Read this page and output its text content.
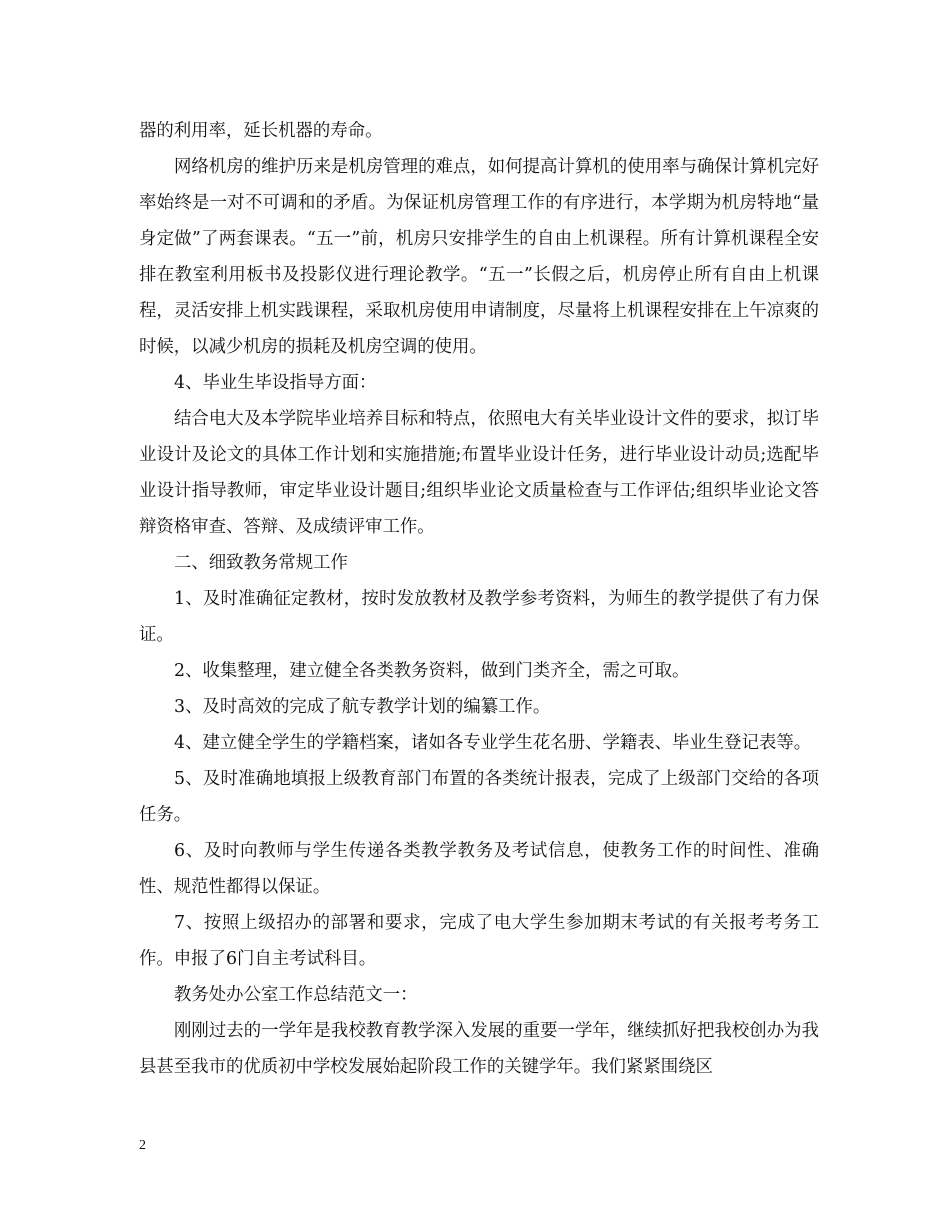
器的利用率，延长机器的寿命。

网络机房的维护历来是机房管理的难点，如何提高计算机的使用率与确保计算机完好率始终是一对不可调和的矛盾。为保证机房管理工作的有序进行，本学期为机房特地“量身定做”了两套课表。“五一”前，机房只安排学生的自由上机课程。所有计算机课程全安排在教室利用板书及投影仪进行理论教学。“五一”长假之后，机房停止所有自由上机课程，灵活安排上机实践课程，采取机房使用申请制度，尽量将上机课程安排在上午凉爽的时候，以减少机房的损耗及机房空调的使用。

4、毕业生毕设指导方面：

结合电大及本学院毕业培养目标和特点，依照电大有关毕业设计文件的要求，拟订毕业设计及论文的具体工作计划和实施措施;布置毕业设计任务，进行毕业设计动员;选配毕业设计指导教师，审定毕业设计题目;组织毕业论文质量检查与工作评估;组织毕业论文答辩资格审查、答辩、及成绩评审工作。

二、细致教务常规工作

1、及时准确征定教材，按时发放教材及教学参考资料，为师生的教学提供了有力保证。

2、收集整理，建立健全各类教务资料，做到门类齐全，需之可取。

3、及时高效的完成了航专教学计划的编纂工作。

4、建立健全学生的学籍档案，诸如各专业学生花名册、学籍表、毕业生登记表等。

5、及时准确地填报上级教育部门布置的各类统计报表，完成了上级部门交给的各项任务。

6、及时向教师与学生传递各类教学教务及考试信息，使教务工作的时间性、准确性、规范性都得以保证。

7、按照上级招办的部署和要求，完成了电大学生参加期末考试的有关报考考务工作。申报了6门自主考试科目。

教务处办公室工作总结范文一：

刚刚过去的一学年是我校教育教学深入发展的重要一学年，继续抓好把我校创办为我县甚至我市的优质初中学校发展始起阶段工作的关键学年。我们紧紧围绕区

2
